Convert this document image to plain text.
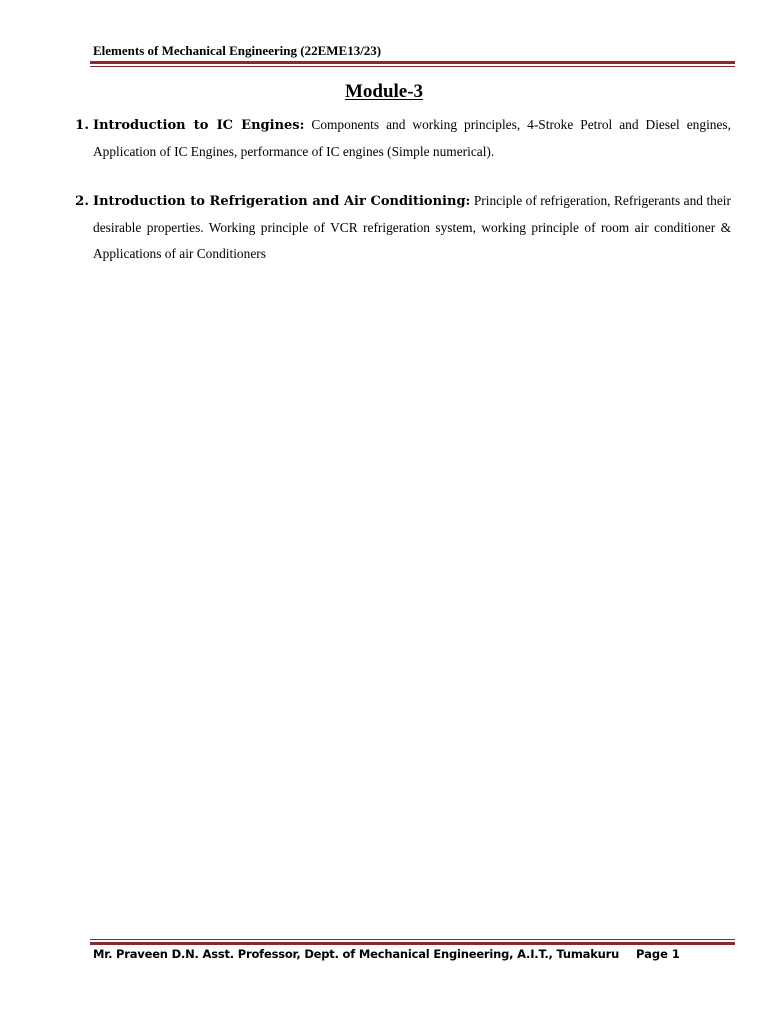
Elements of Mechanical Engineering (22EME13/23)
Module-3
1. Introduction to IC Engines: Components and working principles, 4-Stroke Petrol and Diesel engines, Application of IC Engines, performance of IC engines (Simple numerical).
2. Introduction to Refrigeration and Air Conditioning: Principle of refrigeration, Refrigerants and their desirable properties. Working principle of VCR refrigeration system, working principle of room air conditioner & Applications of air Conditioners
Mr. Praveen D.N. Asst. Professor, Dept. of Mechanical Engineering, A.I.T., Tumakuru Page 1
